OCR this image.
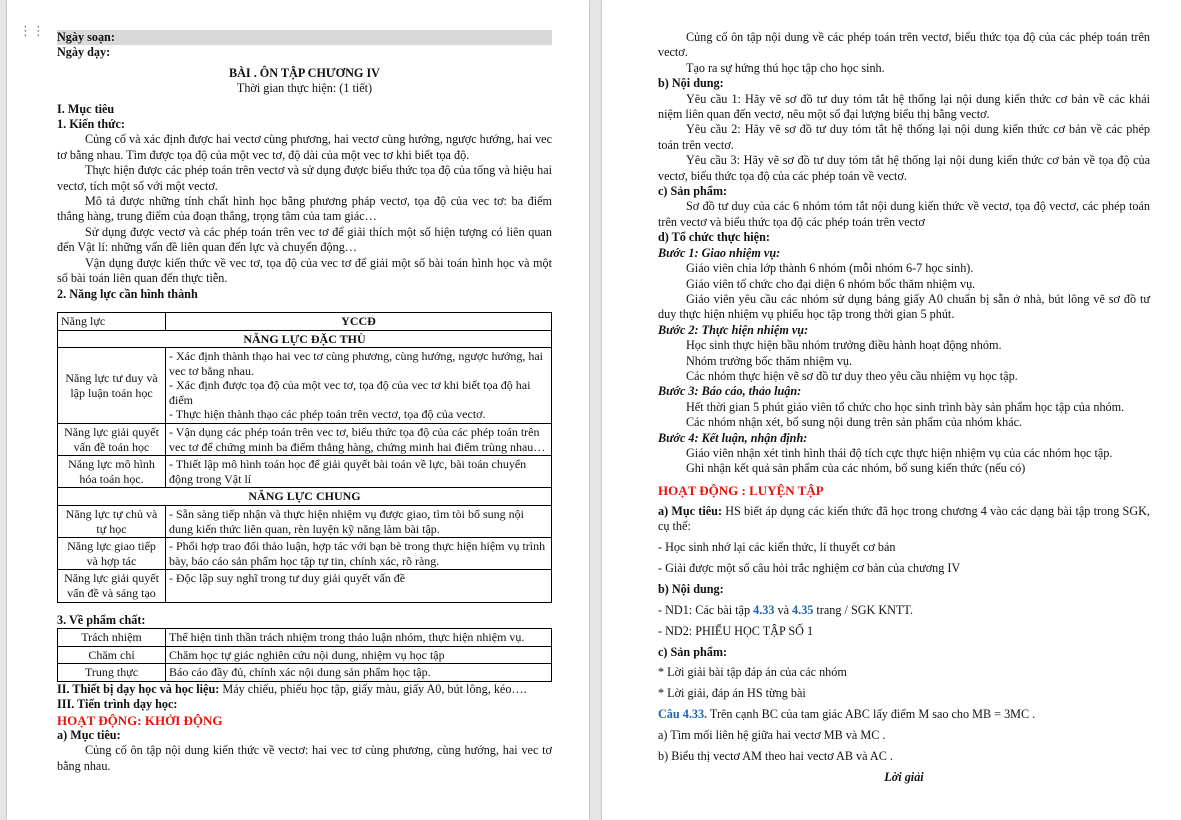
⋮⋮ Ngày soạn:

Ngày dạy:

BÀI . ÔN TẬP CHƯƠNG IV

Thời gian thực hiện: (1 tiết)

I. Mục tiêu

1. Kiến thức:

Củng cố và xác định được hai vectơ cùng phương, hai vectơ cùng hướng, ngược hướng, hai vec tơ bằng nhau. Tìm được tọa độ của một vec tơ, độ dài của một vec tơ khi biết tọa độ.

Thực hiện được các phép toán trên vectơ và sử dụng được biểu thức tọa độ của tổng và hiệu hai vectơ, tích một số với một vectơ.

Mô tả được những tính chất hình học bằng phương pháp vectơ, tọa độ của vec tơ: ba điểm thẳng hàng, trung điểm của đoạn thẳng, trọng tâm của tam giác…

Sử dụng được vectơ và các phép toán trên vec tơ để giải thích một số hiện tượng có liên quan đến Vật lí: những vấn đề liên quan đến lực và chuyển động…

Vận dụng được kiến thức về vec tơ, tọa độ của vec tơ để giải một số bài toán hình học và một số bài toán liên quan đến thực tiễn.

2. Năng lực cần hình thành

Năng lực	YCCĐ
NĂNG LỰC ĐẶC THÙ	
Năng lực tư duy và lập luận toán học	- Xác định thành thạo hai vec tơ cùng phương, cùng hướng, ngược hướng, hai vec tơ bằng nhau.
- Xác định được tọa độ của một vec tơ, tọa độ của vec tơ khi biết tọa độ hai điểm
- Thực hiện thành thạo các phép toán trên vectơ, tọa độ của vectơ.

Năng lực giải quyết vấn đề toán học	- Vận dụng các phép toán trên vec tơ, biểu thức tọa độ của các phép toán trên vec tơ để chứng minh ba điểm thẳng hàng, chứng minh hai điểm trùng nhau…

Năng lực mô hình hóa toán học.	- Thiết lập mô hình toán học để giải quyết bài toán về lực, bài toán chuyển động trong Vật lí

NĂNG LỰC CHUNG	
Năng lực tự chủ và tự học	- Sẵn sàng tiếp nhận và thực hiện nhiệm vụ được giao, tìm tòi bổ sung nội dung kiến thức liên quan, rèn luyện kỹ năng làm bài tập.

Năng lực giao tiếp và hợp tác	- Phối hợp trao đổi thảo luận, hợp tác với bạn bè trong thực hiện hiệm vụ trình bày, báo cáo sản phẩm học tập tự tin, chính xác, rõ ràng.

Năng lực giải quyết vấn đề và sáng tạo	- Độc lập suy nghĩ trong tư duy giải quyết vấn đề

3. Về phẩm chất:

Trách nhiệm	Thể hiện tinh thần trách nhiệm trong thảo luận nhóm, thực hiện nhiệm vụ.
Chăm chỉ	Chăm học tự giác nghiên cứu nội dung, nhiệm vụ học tập
Trung thực	Báo cáo đầy đủ, chính xác nội dung sản phẩm học tập.

II. Thiết bị dạy học và học liệu: Máy chiếu, phiếu học tập, giấy màu, giấy A0, bút lông, kéo….

III. Tiến trình dạy học:

HOẠT ĐỘNG: KHỞI ĐỘNG

a) Mục tiêu:

Củng cố ôn tập nội dung kiến thức về vectơ: hai vec tơ cùng phương, cùng hướng, hai vec tơ bằng nhau.

Củng cố ôn tập nội dung về các phép toán trên vectơ, biểu thức tọa độ của các phép toán trên vectơ.

Tạo ra sự hứng thú học tập cho học sinh.

b) Nội dung:

Yêu cầu 1: Hãy vẽ sơ đồ tư duy tóm tắt hệ thống lại nội dung kiến thức cơ bản về các khái niệm liên quan đến vectơ, nêu một số đại lượng biểu thị bằng vectơ.

Yêu cầu 2: Hãy vẽ sơ đồ tư duy tóm tắt hệ thống lại nội dung kiến thức cơ bản về các phép toán trên vectơ.

Yêu cầu 3: Hãy vẽ sơ đồ tư duy tóm tắt hệ thống lại nội dung kiến thức cơ bản về tọa độ của vectơ, biểu thức tọa độ của các phép toán về vectơ.

c) Sản phẩm:

Sơ đồ tư duy của các 6 nhóm tóm tắt nội dung kiến thức về vectơ, tọa độ vectơ, các phép toán trên vectơ và biểu thức tọa độ các phép toán trên vectơ

d) Tổ chức thực hiện:

Bước 1: Giao nhiệm vụ:

Giáo viên chia lớp thành 6 nhóm (mỗi nhóm 6-7 học sinh).

Giáo viên tổ chức cho đại diện 6 nhóm bốc thăm nhiệm vụ.

Giáo viên yêu cầu các nhóm sử dụng bảng giấy A0 chuẩn bị sẵn ở nhà, bút lông vẽ sơ đồ tư duy thực hiện nhiệm vụ phiếu học tập trong thời gian 5 phút.

Bước 2: Thực hiện nhiệm vụ:

Học sinh thực hiện bầu nhóm trưởng điều hành hoạt động nhóm.

Nhóm trưởng bốc thăm nhiệm vụ.

Các nhóm thực hiện vẽ sơ đồ tư duy theo yêu cầu nhiệm vụ học tập.

Bước 3: Báo cáo, thảo luận:

Hết thời gian 5 phút giáo viên tổ chức cho học sinh trình bày sản phẩm học tập của nhóm.

Các nhóm nhận xét, bổ sung nội dung trên sản phẩm của nhóm khác.

Bước 4: Kết luận, nhận định:

Giáo viên nhận xét tinh hình thái độ tích cực thực hiện nhiệm vụ của các nhóm học tập.

Ghi nhận kết quả sản phẩm của các nhóm, bổ sung kiến thức (nếu có)

HOẠT ĐỘNG : LUYỆN TẬP

a) Mục tiêu: HS biết áp dụng các kiến thức đã học trong chương 4 vào các dạng bài tập trong SGK, cụ thể:

- Học sinh nhớ lại các kiến thức, lí thuyết cơ bản

- Giải được một số câu hỏi trắc nghiệm cơ bản của chương IV

b) Nội dung:

- ND1: Các bài tập 4.33 và 4.35 trang / SGK KNTT.

- ND2: PHIẾU HỌC TẬP SỐ 1

c) Sản phẩm:

* Lời giải bài tập đáp án của các nhóm

* Lời giải, đáp án HS từng bài

Câu 4.33. Trên cạnh BC của tam giác ABC lấy điểm M sao cho MB = 3MC .

a) Tìm mối liên hệ giữa hai vectơ MB và MC .

b) Biểu thị vectơ AM theo hai vectơ AB và AC .

Lời giải
